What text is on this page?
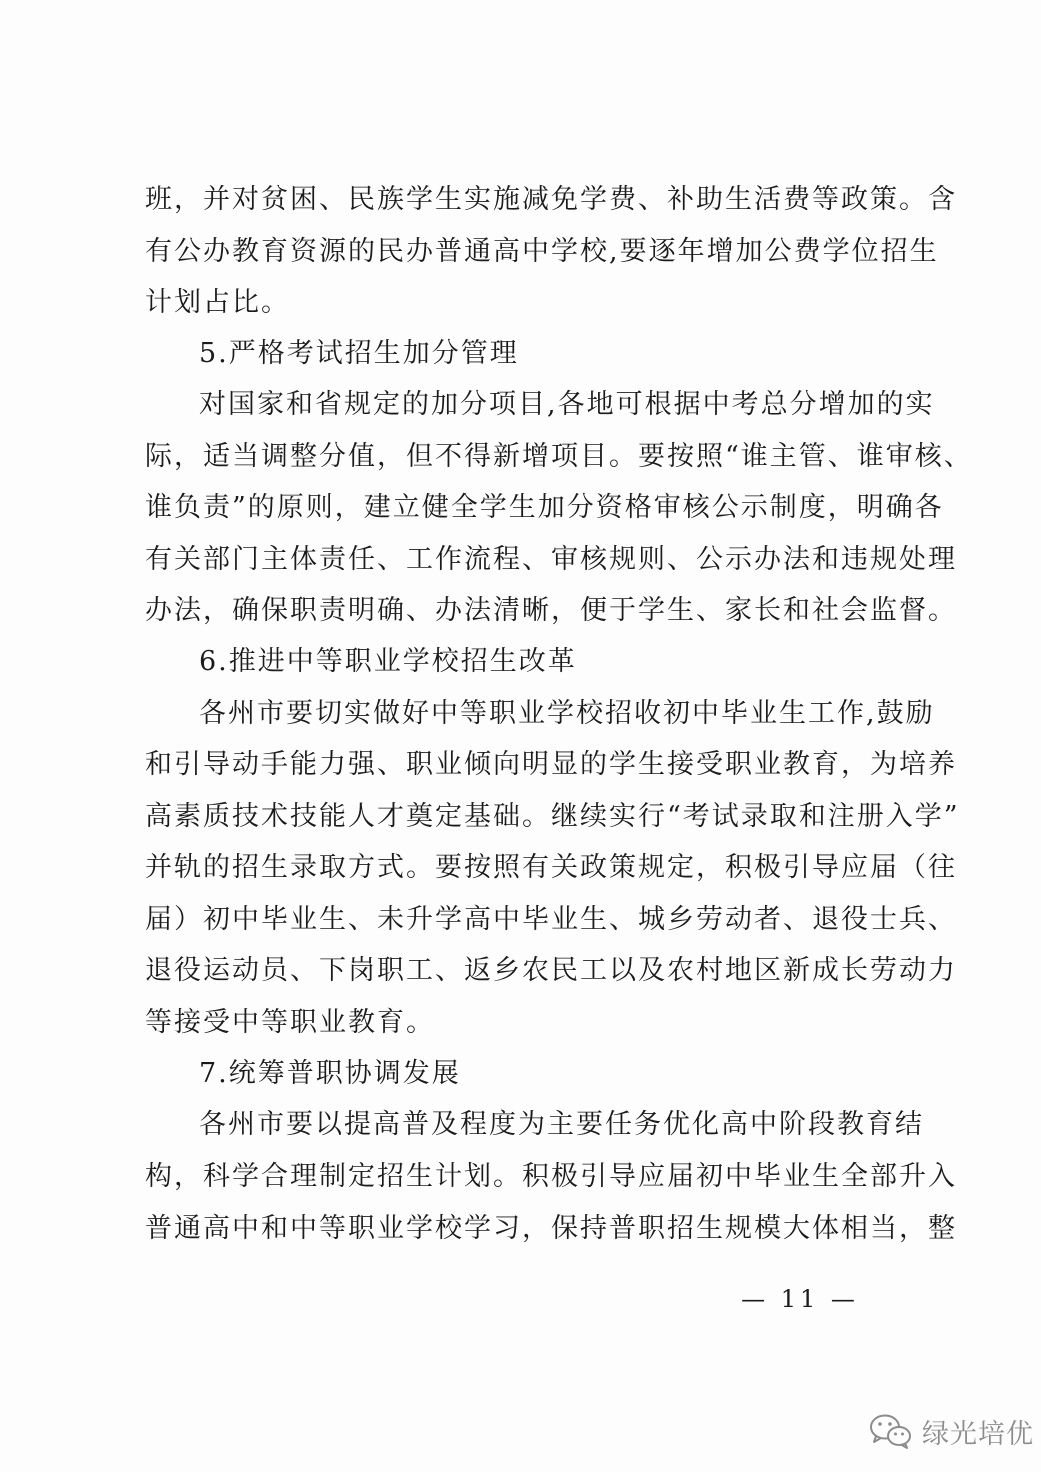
班，并对贫困、民族学生实施减免学费、补助生活费等政策。含
有公办教育资源的民办普通高中学校,要逐年增加公费学位招生
计划占比。
5.严格考试招生加分管理
对国家和省规定的加分项目,各地可根据中考总分增加的实
际，适当调整分值，但不得新增项目。要按照“谁主管、谁审核、
谁负责”的原则，建立健全学生加分资格审核公示制度，明确各
有关部门主体责任、工作流程、审核规则、公示办法和违规处理
办法，确保职责明确、办法清晰，便于学生、家长和社会监督。
6.推进中等职业学校招生改革
各州市要切实做好中等职业学校招收初中毕业生工作,鼓励
和引导动手能力强、职业倾向明显的学生接受职业教育，为培养
高素质技术技能人才奠定基础。继续实行“考试录取和注册入学”
并轨的招生录取方式。要按照有关政策规定，积极引导应届（往
届）初中毕业生、未升学高中毕业生、城乡劳动者、退役士兵、
退役运动员、下岗职工、返乡农民工以及农村地区新成长劳动力
等接受中等职业教育。
7.统筹普职协调发展
各州市要以提高普及程度为主要任务优化高中阶段教育结
构，科学合理制定招生计划。积极引导应届初中毕业生全部升入
普通高中和中等职业学校学习，保持普职招生规模大体相当，整
— 11 —
绿光培优
